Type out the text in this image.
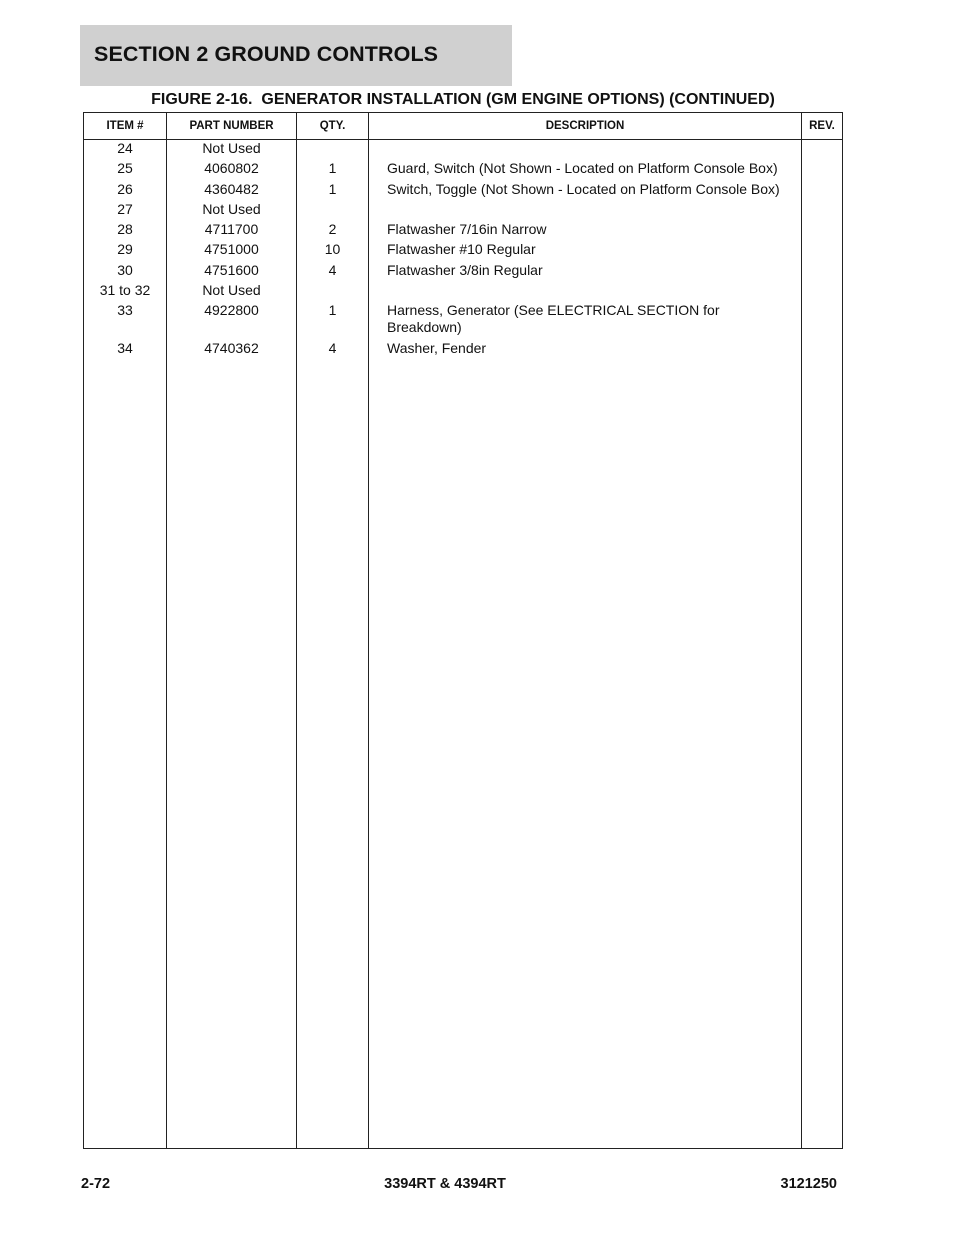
SECTION 2 GROUND CONTROLS
FIGURE 2-16.  GENERATOR INSTALLATION (GM ENGINE OPTIONS) (CONTINUED)
ITEM #	PART NUMBER	QTY.	DESCRIPTION	REV.
24	Not Used
25	4060802	1	Guard, Switch (Not Shown - Located on Platform Console Box)
26	4360482	1	Switch, Toggle (Not Shown - Located on Platform Console Box)
27	Not Used
28	4711700	2	Flatwasher 7/16in Narrow
29	4751000	10	Flatwasher #10 Regular
30	4751600	4	Flatwasher 3/8in Regular
31 to 32	Not Used
33	4922800	1	Harness, Generator (See ELECTRICAL SECTION for Breakdown)
34	4740362	4	Washer, Fender
2-72	3394RT & 4394RT	3121250
